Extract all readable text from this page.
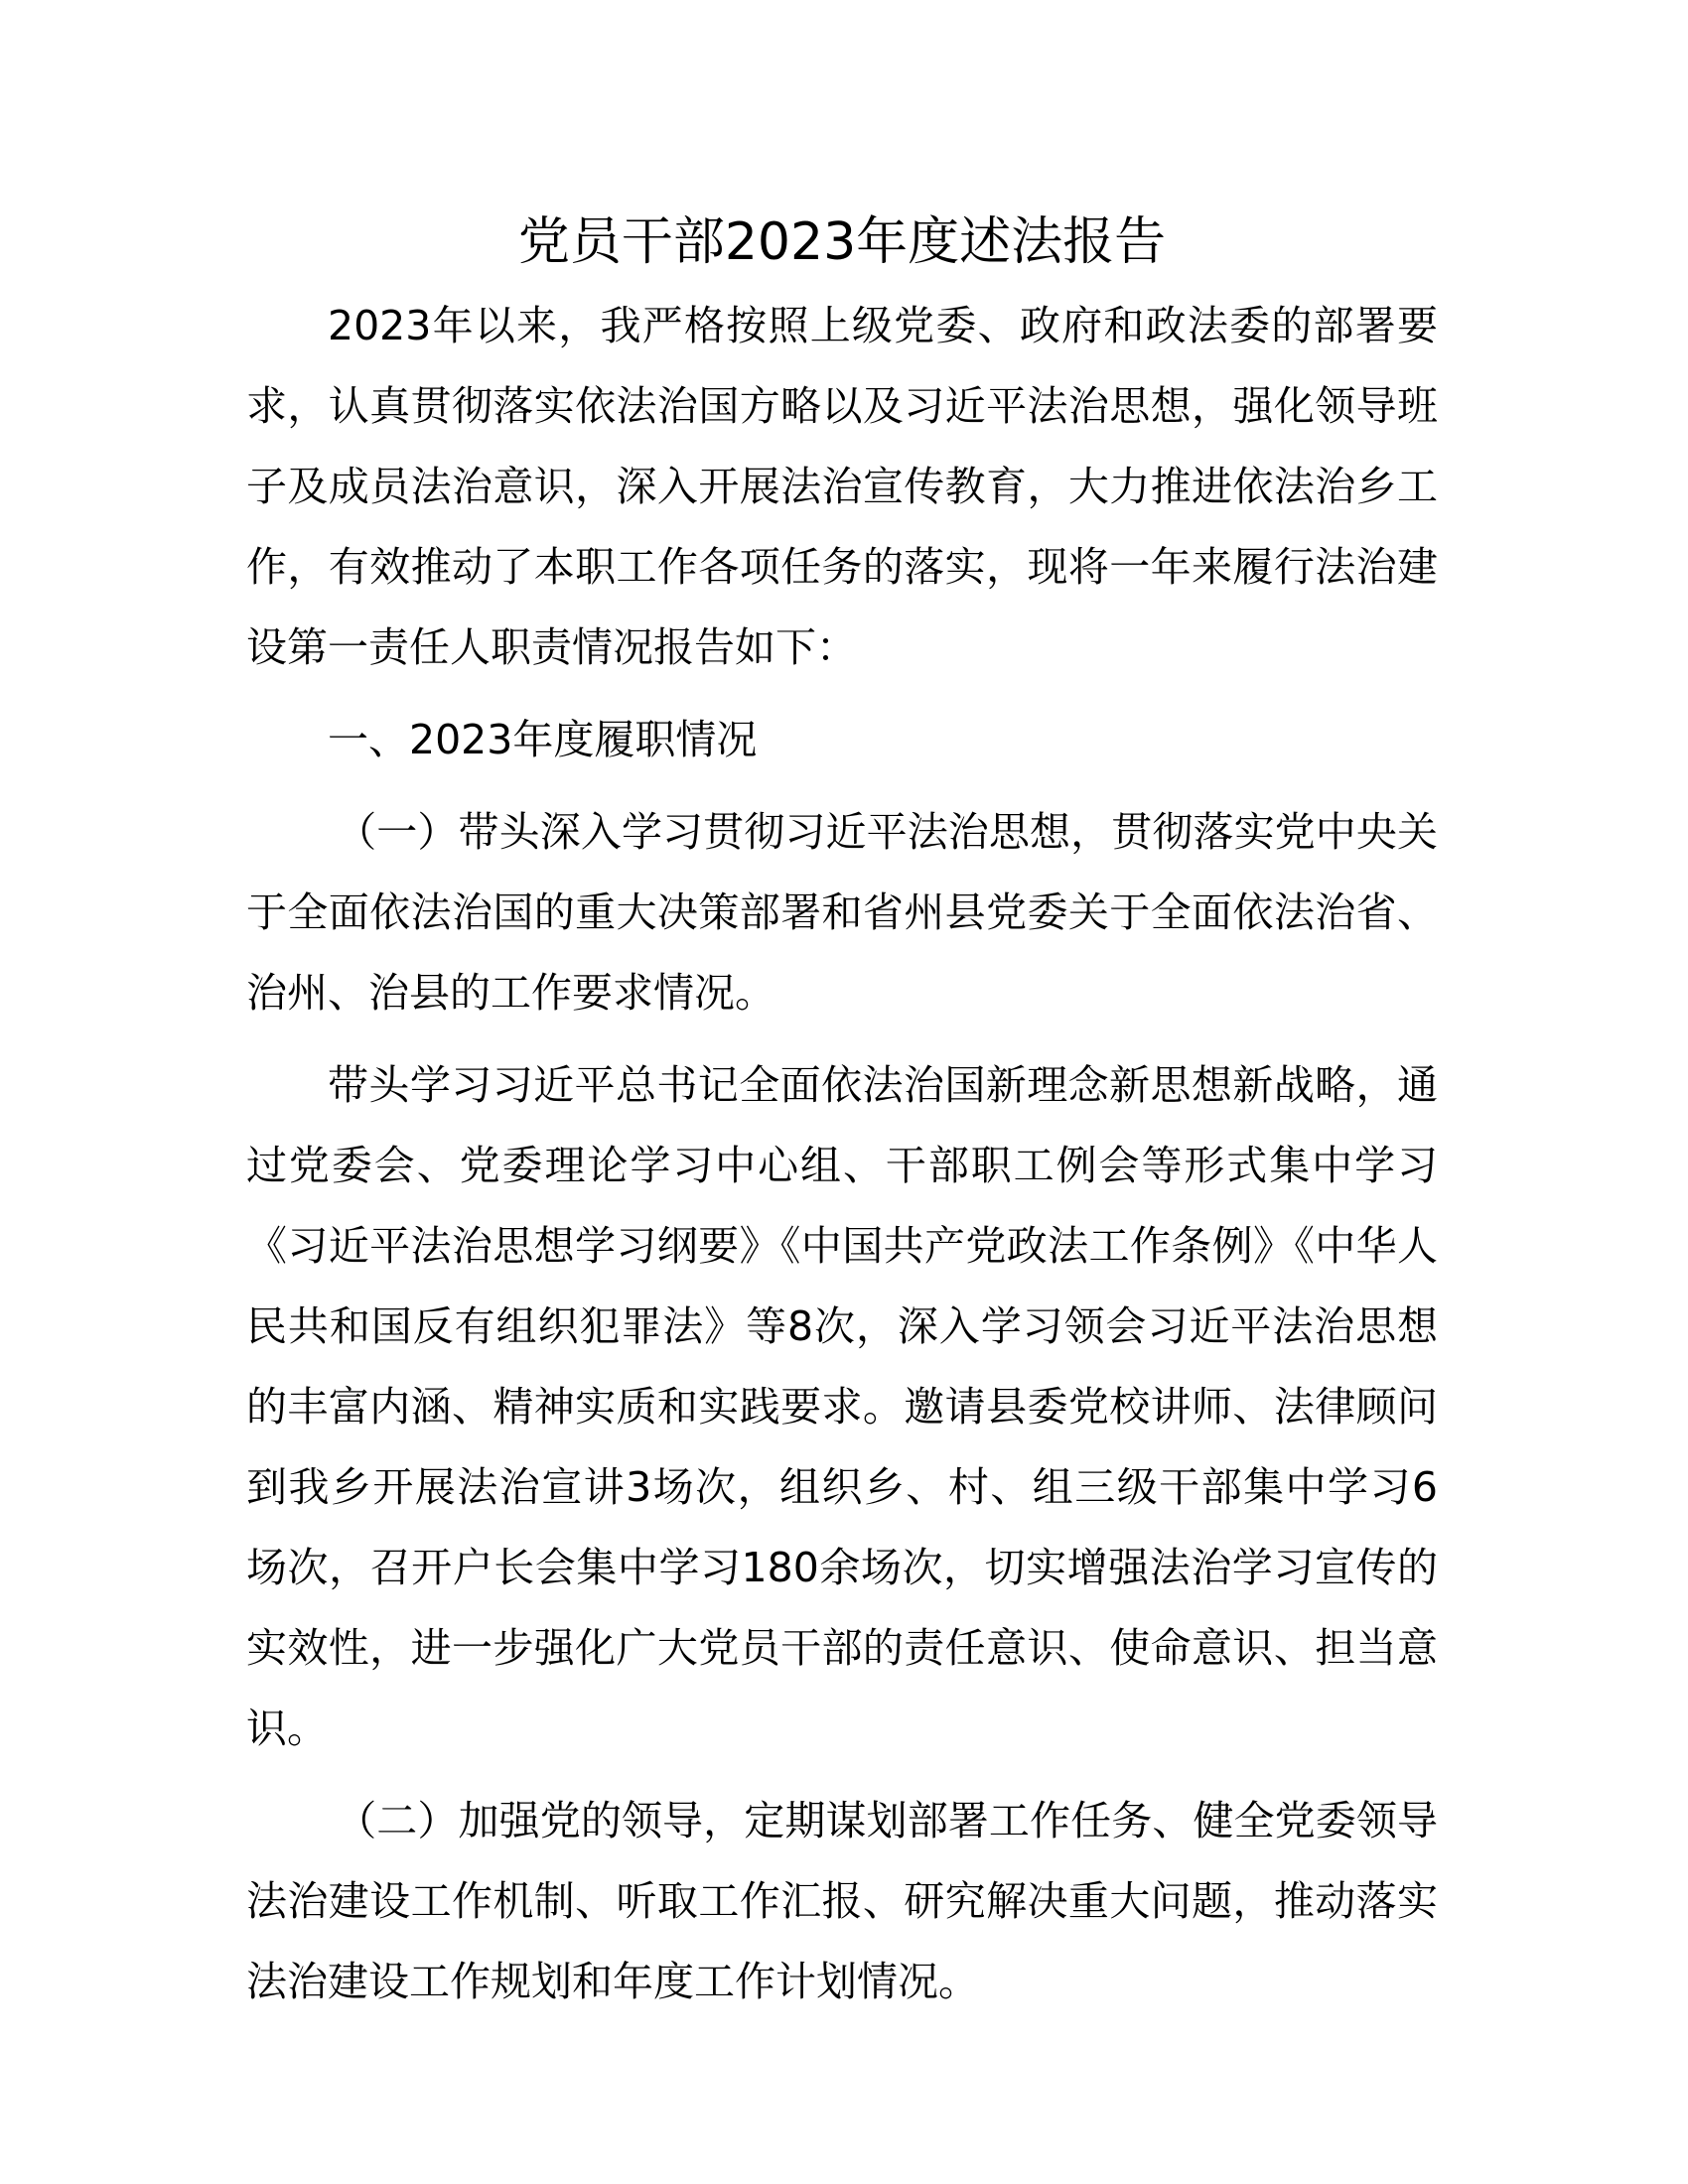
党员干部2023年度述法报告

2023年以来，我严格按照上级党委、政府和政法委的部署要求，认真贯彻落实依法治国方略以及习近平法治思想，强化领导班子及成员法治意识，深入开展法治宣传教育，大力推进依法治乡工作，有效推动了本职工作各项任务的落实，现将一年来履行法治建设第一责任人职责情况报告如下：

一、2023年度履职情况

（一）带头深入学习贯彻习近平法治思想，贯彻落实党中央关于全面依法治国的重大决策部署和省州县党委关于全面依法治省、治州、治县的工作要求情况。

带头学习习近平总书记全面依法治国新理念新思想新战略，通过党委会、党委理论学习中心组、干部职工例会等形式集中学习《习近平法治思想学习纲要》《中国共产党政法工作条例》《中华人民共和国反有组织犯罪法》等8次，深入学习领会习近平法治思想的丰富内涵、精神实质和实践要求。邀请县委党校讲师、法律顾问到我乡开展法治宣讲3场次，组织乡、村、组三级干部集中学习6场次，召开户长会集中学习180余场次，切实增强法治学习宣传的实效性，进一步强化广大党员干部的责任意识、使命意识、担当意识。

（二）加强党的领导，定期谋划部署工作任务、健全党委领导法治建设工作机制、听取工作汇报、研究解决重大问题，推动落实法治建设工作规划和年度工作计划情况。
